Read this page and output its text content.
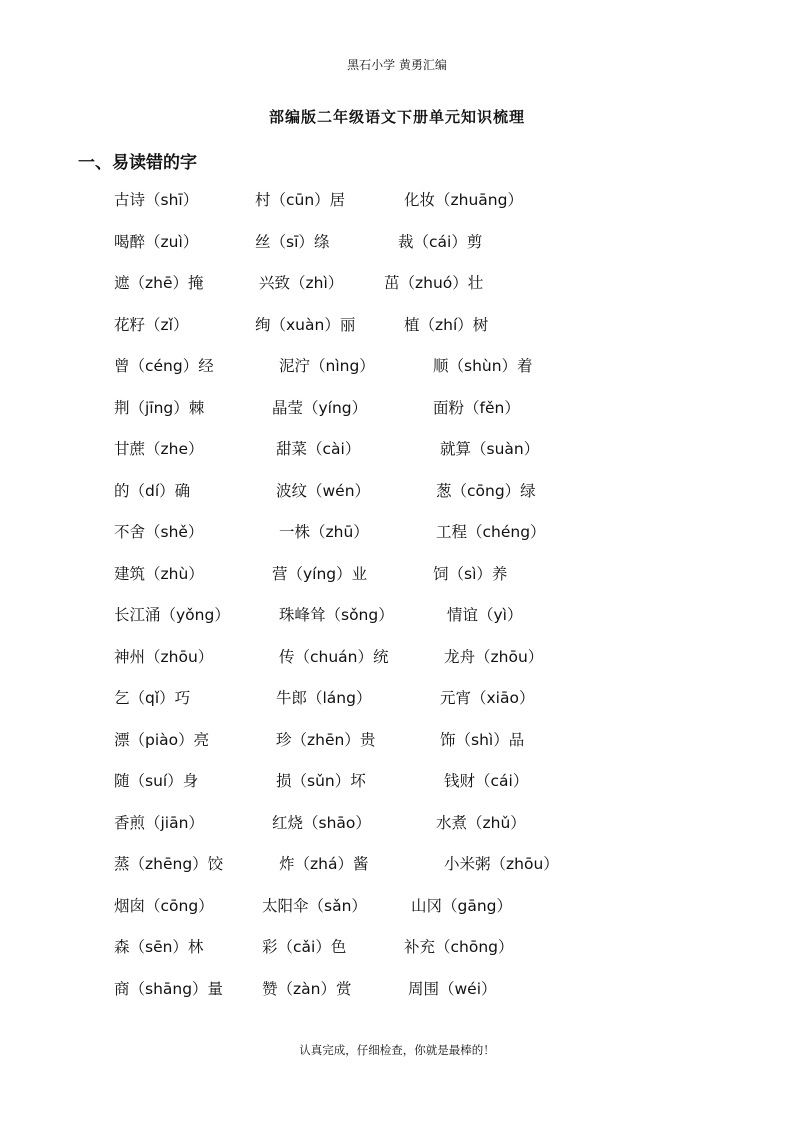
黑石小学 黄勇汇编
部编版二年级语文下册单元知识梳理
一、易读错的字
古诗（shī）	村（cūn）居	化妆（zhuāng）
喝醉（zuì）	丝（sī）绦	裁（cái）剪
遮（zhē）掩	兴致（zhì）	茁（zhuó）壮
花籽（zǐ）	绚（xuàn）丽	植（zhí）树
曾（céng）经	泥泞（nìng）	顺（shùn）着
荆（jīng）棘	晶莹（yíng）	面粉（fěn）
甘蔗（zhe）	甜菜（cài）	就算（suàn）
的（dí）确	波纹（wén）	葱（cōng）绿
不舍（shě）	一株（zhū）	工程（chéng）
建筑（zhù）	营（yíng）业	饲（sì）养
长江涌（yǒng）	珠峰耸（sǒng）	情谊（yì）
神州（zhōu）	传（chuán）统	龙舟（zhōu）
乞（qǐ）巧	牛郎（láng）	元宵（xiāo）
漂（piào）亮	珍（zhēn）贵	饰（shì）品
随（suí）身	损（sǔn）坏	钱财（cái）
香煎（jiān）	红烧（shāo）	水煮（zhǔ）
蒸（zhēng）饺	炸（zhá）酱	小米粥（zhōu）
烟囱（cōng）	太阳伞（sǎn）	山冈（gāng）
森（sēn）林	彩（cǎi）色	补充（chōng）
商（shāng）量	赞（zàn）赏	周围（wéi）
认真完成，仔细检查，你就是最棒的！
